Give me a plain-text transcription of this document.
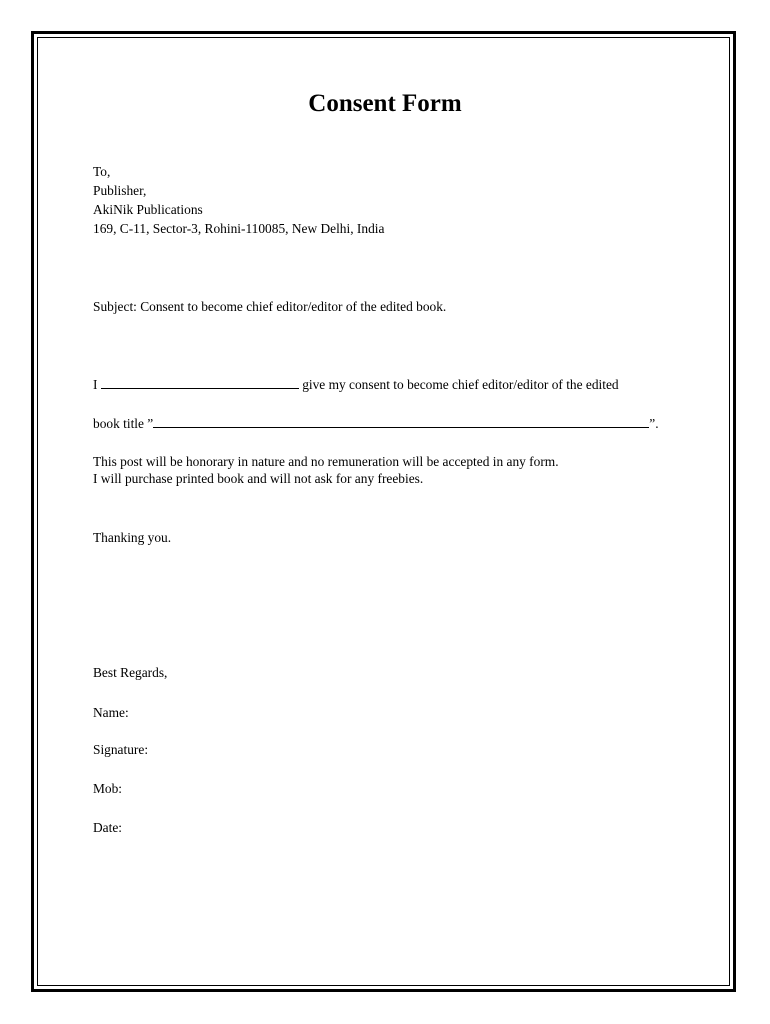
Consent Form
To,
Publisher,
AkiNik Publications
169, C-11, Sector-3, Rohini-110085, New Delhi, India
Subject: Consent to become chief editor/editor of the edited book.
I	give my consent to become chief editor/editor of the edited
book title ”	”.
This post will be honorary in nature and no remuneration will be accepted in any form.
I will purchase printed book and will not ask for any freebies.
Thanking you.
Best Regards,
Name:
Signature:
Mob:
Date:
